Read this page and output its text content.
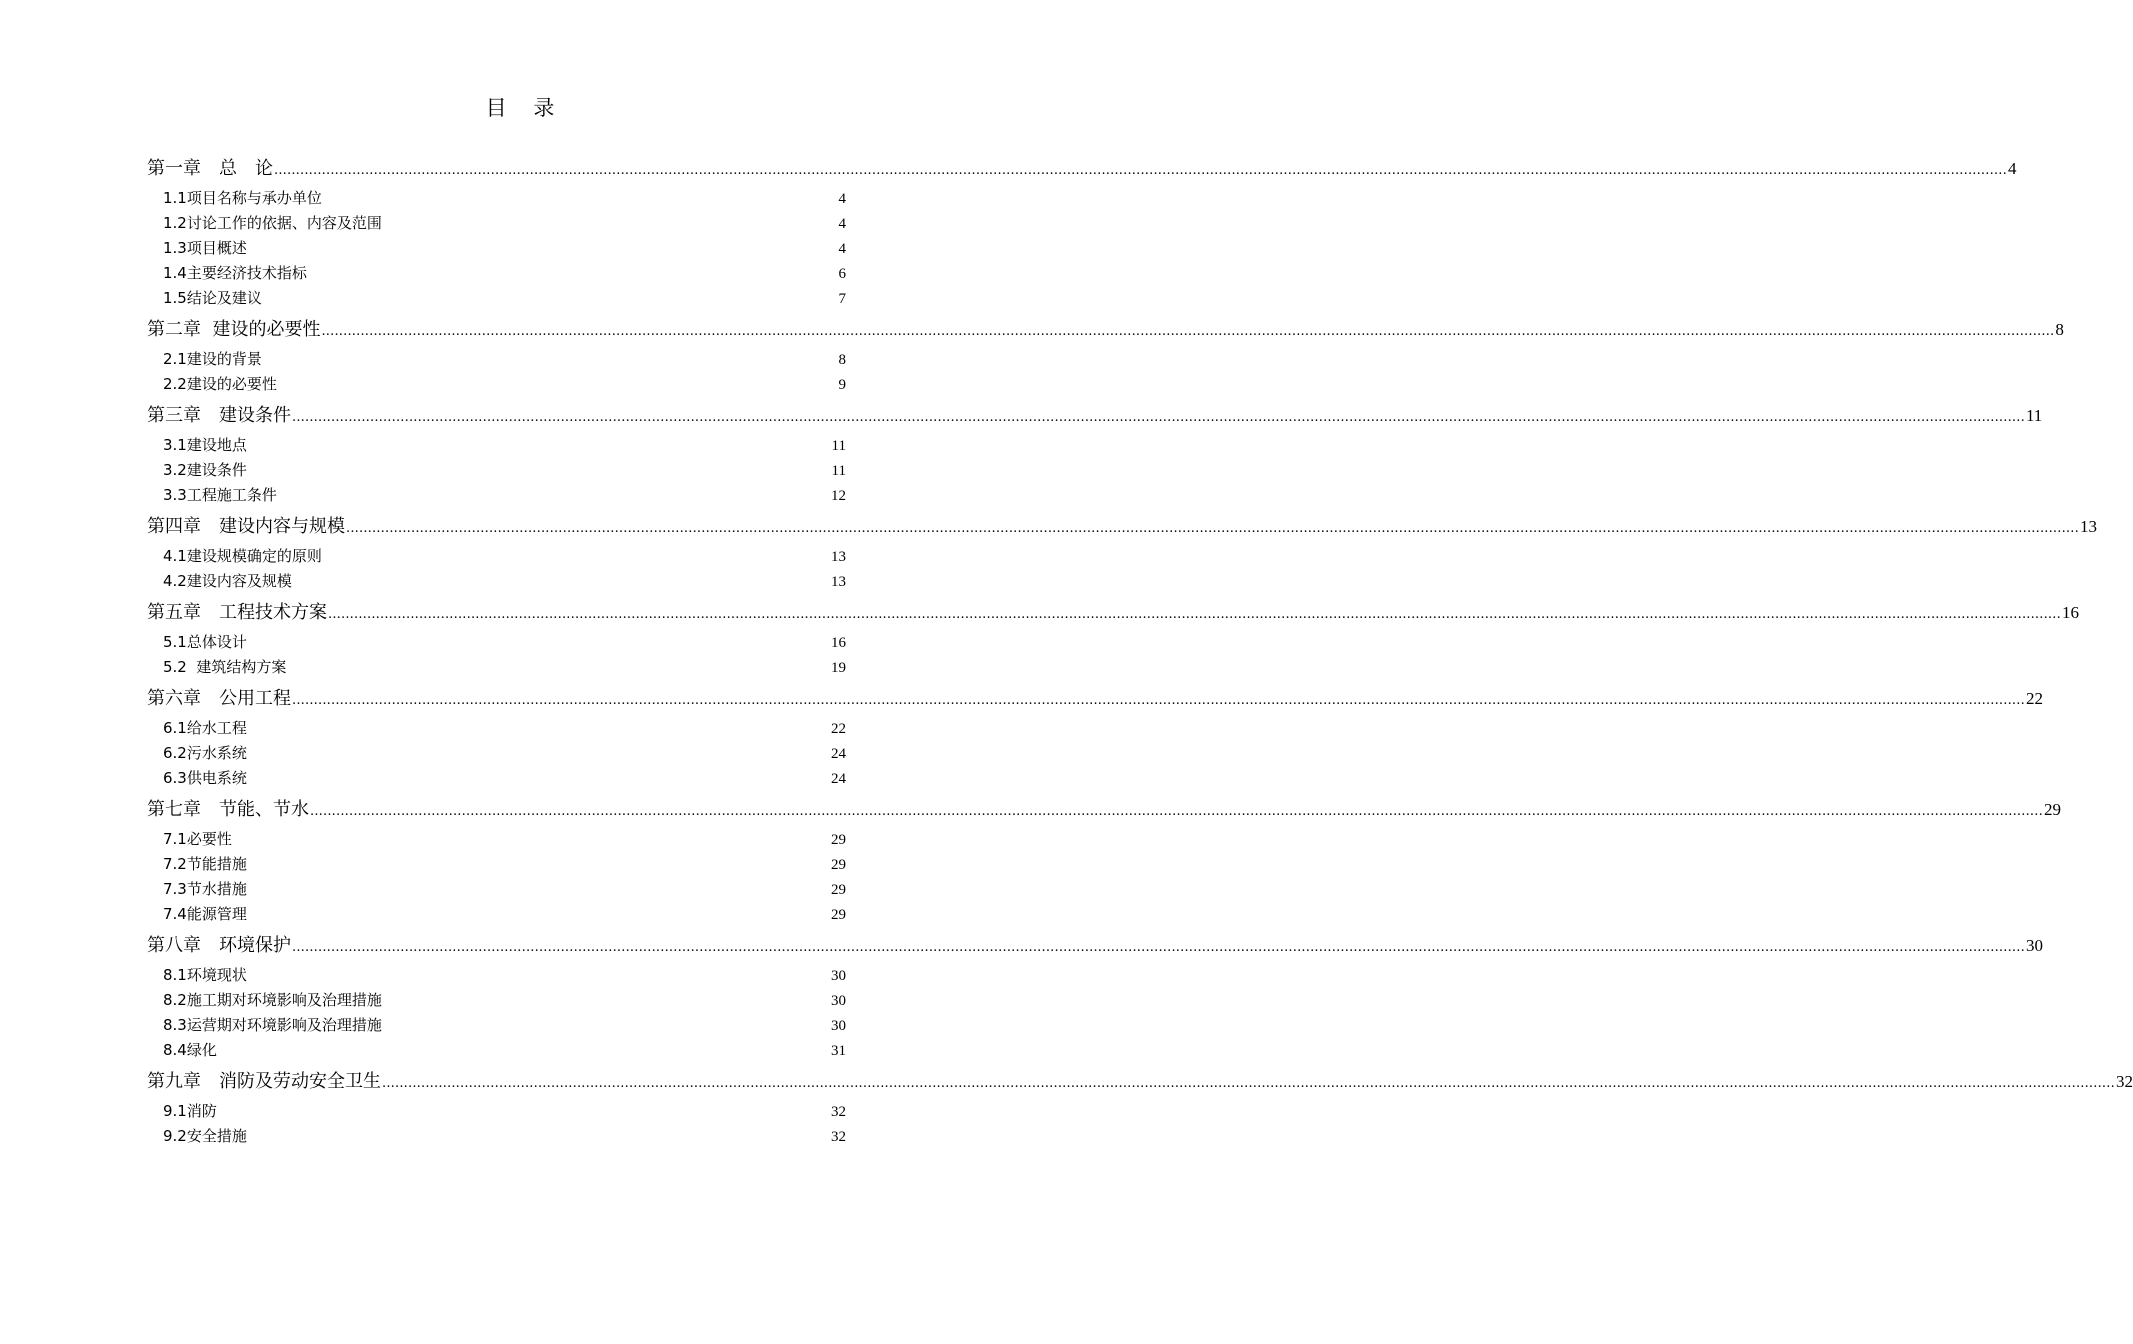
目    录
第一章　总　论 ................................................................................................................................................................................................................................................................................................................................................................................................................ 4
1.1项目名称与承办单位	4
1.2讨论工作的依据、内容及范围	4
1.3项目概述	4
1.4主要经济技术指标	6
1.5结论及建议	7
第二章  建设的必要性 ................................................................................................................................................................................................................................................................................................................................................................................................................ 8
2.1建设的背景	8
2.2建设的必要性	9
第三章　建设条件 ................................................................................................................................................................................................................................................................................................................................................................................................................ 11
3.1建设地点	11
3.2建设条件	11
3.3工程施工条件	12
第四章　建设内容与规模 ................................................................................................................................................................................................................................................................................................................................................................................................................ 13
4.1建设规模确定的原则	13
4.2建设内容及规模	13
第五章　工程技术方案 ................................................................................................................................................................................................................................................................................................................................................................................................................ 16
5.1总体设计	16
5.2  建筑结构方案	19
第六章　公用工程 ................................................................................................................................................................................................................................................................................................................................................................................................................ 22
6.1给水工程	22
6.2污水系统	24
6.3供电系统	24
第七章　节能、节水 ................................................................................................................................................................................................................................................................................................................................................................................................................ 29
7.1必要性	29
7.2节能措施	29
7.3节水措施	29
7.4能源管理	29
第八章　环境保护 ................................................................................................................................................................................................................................................................................................................................................................................................................ 30
8.1环境现状	30
8.2施工期对环境影响及治理措施	30
8.3运营期对环境影响及治理措施	30
8.4绿化	31
第九章　消防及劳动安全卫生 ................................................................................................................................................................................................................................................................................................................................................................................................................ 32
9.1消防	32
9.2安全措施	32
